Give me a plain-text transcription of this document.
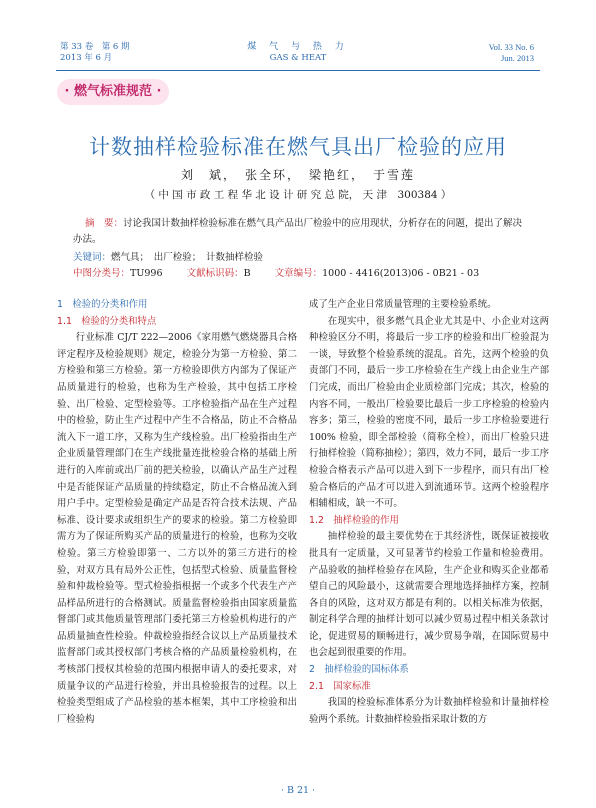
第 33 卷　第 6 期
2013 年 6 月
煤 气 与 热 力
GAS & HEAT
Vol. 33 No. 6
Jun. 2013
· 燃气标准规范 ·
计数抽样检验标准在燃气具出厂检验的应用
刘　斌，　张全环，　梁艳红，　于雪莲
（ 中 国 市 政 工 程 华 北 设 计 研 究 总 院， 天 津　300384 ）
摘　要：讨论我国计数抽样检验标准在燃气具产品出厂检验中的应用现状，分析存在的问题，提出了解决办法。
关键词：燃气具；　出厂检验；　计数抽样检验
中图分类号：TU996	文献标识码：B	文章编号：1000 - 4416(2013)06 - 0B21 - 03

1　检验的分类和作用

1.1　检验的分类和特点

行业标准 CJ/T 222—2006《家用燃气燃烧器具合格评定程序及检验规则》规定，检验分为第一方检验、第二方检验和第三方检验。第一方检验即供方内部为了保证产品质量进行的检验，也称为生产检验，其中包括工序检验、出厂检验、定型检验等。工序检验指产品在生产过程中的检验，防止生产过程中产生不合格品，防止不合格品流入下一道工序，又称为生产线检验。出厂检验指由生产企业质量管理部门在生产线批量连批检验合格的基础上所进行的入库前或出厂前的把关检验，以确认产品生产过程中是否能保证产品质量的持续稳定，防止不合格品流入到用户手中。定型检验是确定产品是否符合技术法规、产品标准、设计要求或组织生产的要求的检验。第二方检验即需方为了保证所购买产品的质量进行的检验，也称为交收检验。第三方检验即第一、二方以外的第三方进行的检验，对双方具有局外公正性，包括型式检验、质量监督检验和仲裁检验等。型式检验指根据一个或多个代表生产产品样品所进行的合格测试。质量监督检验指由国家质量监督部门或其他质量管理部门委托第三方检验机构进行的产品质量抽查性检验。仲裁检验指经合议以上产品质量技术监督部门或其授权部门考核合格的产品质量检验机构，在考核部门授权其检验的范围内根据申请人的委托要求，对质量争议的产品进行检验，并出具检验报告的过程。以上检验类型组成了产品检验的基本框架，其中工序检验和出厂检验构

成了生产企业日常质量管理的主要检验系统。

在现实中，很多燃气具企业尤其是中、小企业对这两种检验区分不明，将最后一步工序的检验和出厂检验混为一谈，导致整个检验系统的混乱。首先，这两个检验的负责部门不同，最后一步工序检验在生产线上由企业生产部门完成，而出厂检验由企业质检部门完成；其次，检验的内容不同，一般出厂检验要比最后一步工序检验的检验内容多；第三，检验的密度不同，最后一步工序检验要进行 100% 检验，即全部检验（简称全检），而出厂检验只进行抽样检验（简称抽检）；第四，效力不同，最后一步工序检验合格表示产品可以进入到下一步程序，而只有出厂检验合格后的产品才可以进入到流通环节。这两个检验程序相辅相成，缺一不可。

1.2　抽样检验的作用

抽样检验的最主要优势在于其经济性，既保证被接收批具有一定质量，又可显著节约检验工作量和检验费用。产品验收的抽样检验存在风险，生产企业和购买企业都希望自己的风险最小，这就需要合理地选择抽样方案，控制各自的风险，这对双方都是有利的。以相关标准为依据，制定科学合理的抽样计划可以减少贸易过程中相关条款讨论，促进贸易的顺畅进行，减少贸易争端，在国际贸易中也会起到很重要的作用。

2　抽样检验的国标体系

2.1　国家标准

我国的检验标准体系分为计数抽样检验和计量抽样检验两个系统。计数抽样检验指采取计数的方

· B 21 ·
